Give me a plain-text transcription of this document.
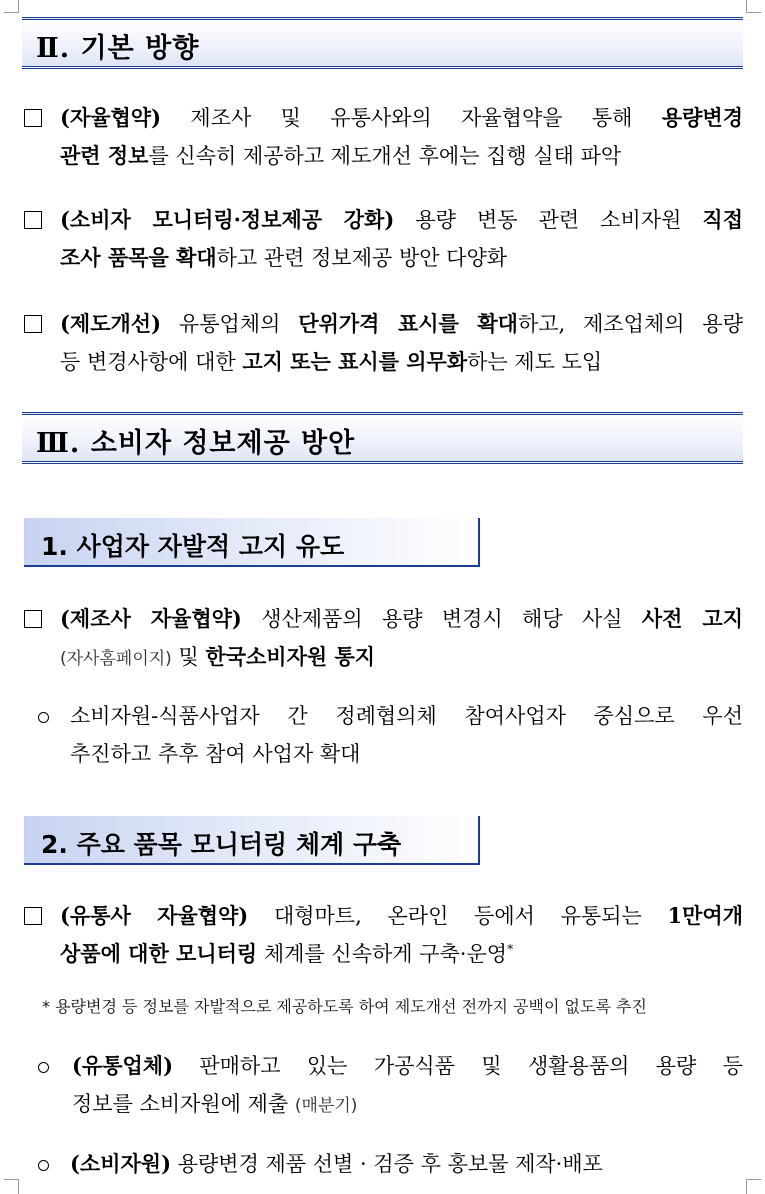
Ⅱ. 기본 방향
(자율협약) 제조사 및 유통사와의 자율협약을 통해 용량변경
관련 정보를 신속히 제공하고 제도개선 후에는 집행 실태 파악
(소비자 모니터링·정보제공 강화) 용량 변동 관련 소비자원 직접
조사 품목을 확대하고 관련 정보제공 방안 다양화
(제도개선) 유통업체의 단위가격 표시를 확대하고, 제조업체의 용량
등 변경사항에 대한 고지 또는 표시를 의무화하는 제도 도입
Ⅲ. 소비자 정보제공 방안
1. 사업자 자발적 고지 유도
(제조사 자율협약) 생산제품의 용량 변경시 해당 사실 사전 고지
(자사홈페이지) 및 한국소비자원 통지
소비자원-식품사업자 간 정례협의체 참여사업자 중심으로 우선
추진하고 추후 참여 사업자 확대
2. 주요 품목 모니터링 체계 구축
(유통사 자율협약) 대형마트, 온라인 등에서 유통되는 1만여개
상품에 대한 모니터링 체계를 신속하게 구축·운영*
* 용량변경 등 정보를 자발적으로 제공하도록 하여 제도개선 전까지 공백이 없도록 추진
(유통업체) 판매하고 있는 가공식품 및 생활용품의 용량 등
정보를 소비자원에 제출 (매분기)
(소비자원) 용량변경 제품 선별 · 검증 후 홍보물 제작·배포
